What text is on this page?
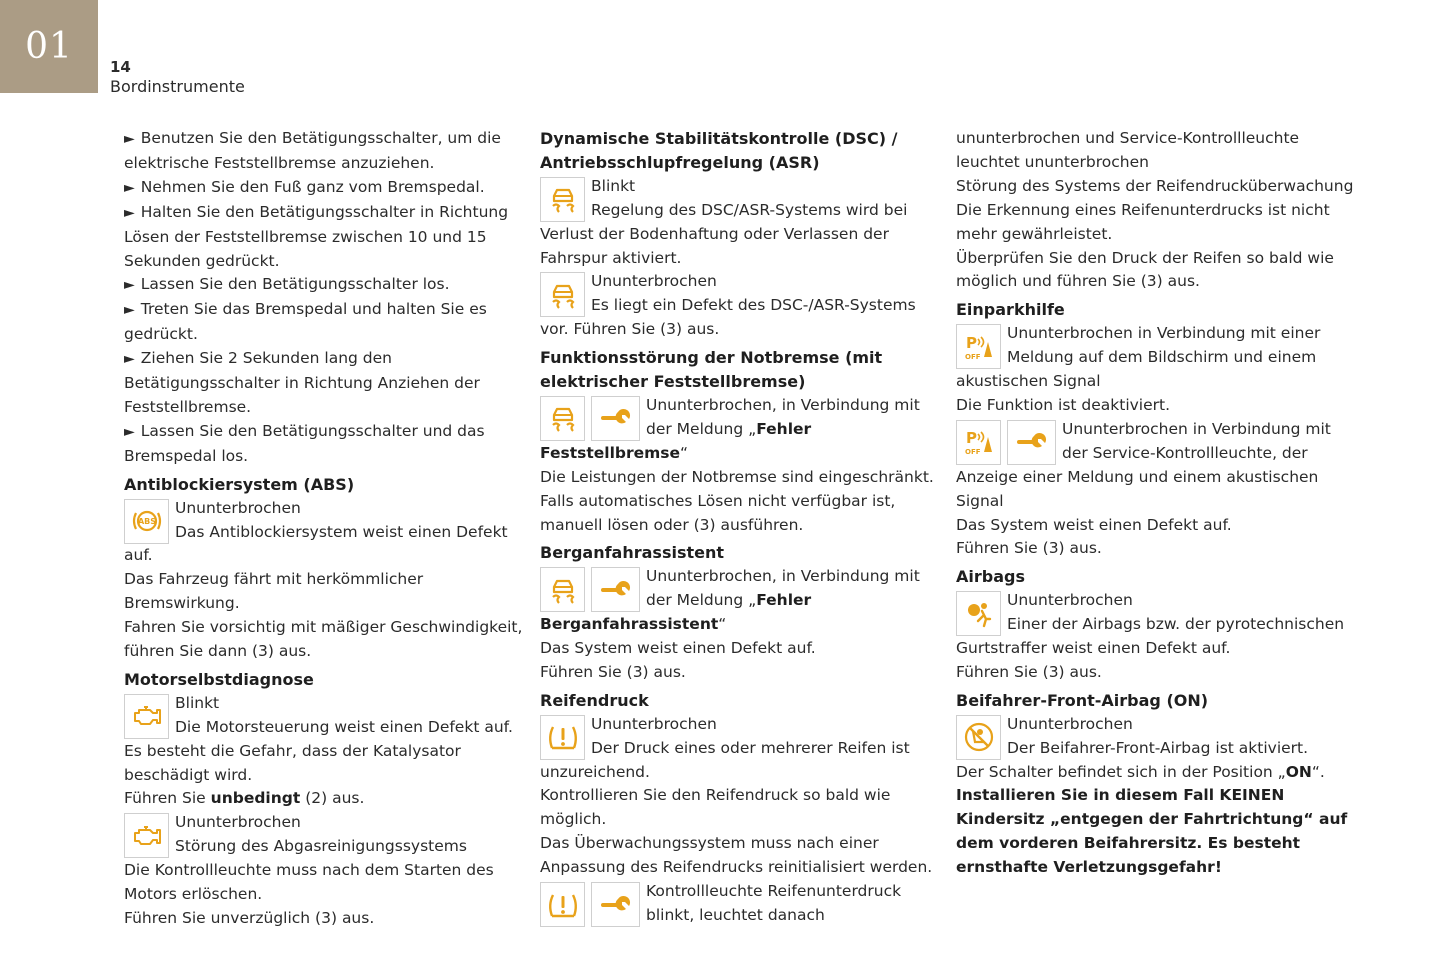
01	14
Bordinstrumente
► Benutzen Sie den Betätigungsschalter, um die elektrische Feststellbremse anzuziehen.
► Nehmen Sie den Fuß ganz vom Bremspedal.
► Halten Sie den Betätigungsschalter in Richtung Lösen der Feststellbremse zwischen 10 und 15 Sekunden gedrückt.
► Lassen Sie den Betätigungsschalter los.
► Treten Sie das Bremspedal und halten Sie es gedrückt.
► Ziehen Sie 2 Sekunden lang den Betätigungsschalter in Richtung Anziehen der Feststellbremse.
► Lassen Sie den Betätigungsschalter und das Bremspedal los.
Antiblockiersystem (ABS)
ABS
Ununterbrochen
Das Antiblockiersystem weist einen Defekt auf.
Das Fahrzeug fährt mit herkömmlicher Bremswirkung.
Fahren Sie vorsichtig mit mäßiger Geschwindigkeit, führen Sie dann (3) aus.
Motorselbstdiagnose
Blinkt
Die Motorsteuerung weist einen Defekt auf.
Es besteht die Gefahr, dass der Katalysator beschädigt wird.
Führen Sie unbedingt (2) aus.
Ununterbrochen
Störung des Abgasreinigungssystems
Die Kontrollleuchte muss nach dem Starten des Motors erlöschen.
Führen Sie unverzüglich (3) aus.
Dynamische Stabilitätskontrolle (DSC) / Antriebsschlupfregelung (ASR)
Blinkt
Regelung des DSC/ASR-Systems wird bei Verlust der Bodenhaftung oder Verlassen der Fahrspur aktiviert.
Ununterbrochen
Es liegt ein Defekt des DSC-/ASR-Systems vor. Führen Sie (3) aus.
Funktionsstörung der Notbremse (mit elektrischer Feststellbremse)
Ununterbrochen, in Verbindung mit der Meldung „Fehler Feststellbremse“
Die Leistungen der Notbremse sind eingeschränkt.
Falls automatisches Lösen nicht verfügbar ist, manuell lösen oder (3) ausführen.
Berganfahrassistent
Ununterbrochen, in Verbindung mit der Meldung „Fehler Berganfahrassistent“
Das System weist einen Defekt auf.
Führen Sie (3) aus.
Reifendruck
Ununterbrochen
Der Druck eines oder mehrerer Reifen ist unzureichend.
Kontrollieren Sie den Reifendruck so bald wie möglich.
Das Überwachungssystem muss nach einer Anpassung des Reifendrucks reinitialisiert werden.
Kontrollleuchte Reifenunterdruck blinkt, leuchtet danach
ununterbrochen und Service-Kontrollleuchte leuchtet ununterbrochen
Störung des Systems der Reifendrucküberwachung
Die Erkennung eines Reifenunterdrucks ist nicht mehr gewährleistet.
Überprüfen Sie den Druck der Reifen so bald wie möglich und führen Sie (3) aus.
Einparkhilfe
P
OFF
Ununterbrochen in Verbindung mit einer Meldung auf dem Bildschirm und einem akustischen Signal
Die Funktion ist deaktiviert.
P
OFF
Ununterbrochen in Verbindung mit der Service-Kontrollleuchte, der Anzeige einer Meldung und einem akustischen Signal
Das System weist einen Defekt auf.
Führen Sie (3) aus.
Airbags
Ununterbrochen
Einer der Airbags bzw. der pyrotechnischen Gurtstraffer weist einen Defekt auf.
Führen Sie (3) aus.
Beifahrer-Front-Airbag (ON)
Ununterbrochen
Der Beifahrer-Front-Airbag ist aktiviert.
Der Schalter befindet sich in der Position „ON“.
Installieren Sie in diesem Fall KEINEN Kindersitz „entgegen der Fahrtrichtung“ auf dem vorderen Beifahrersitz. Es besteht ernsthafte Verletzungsgefahr!
